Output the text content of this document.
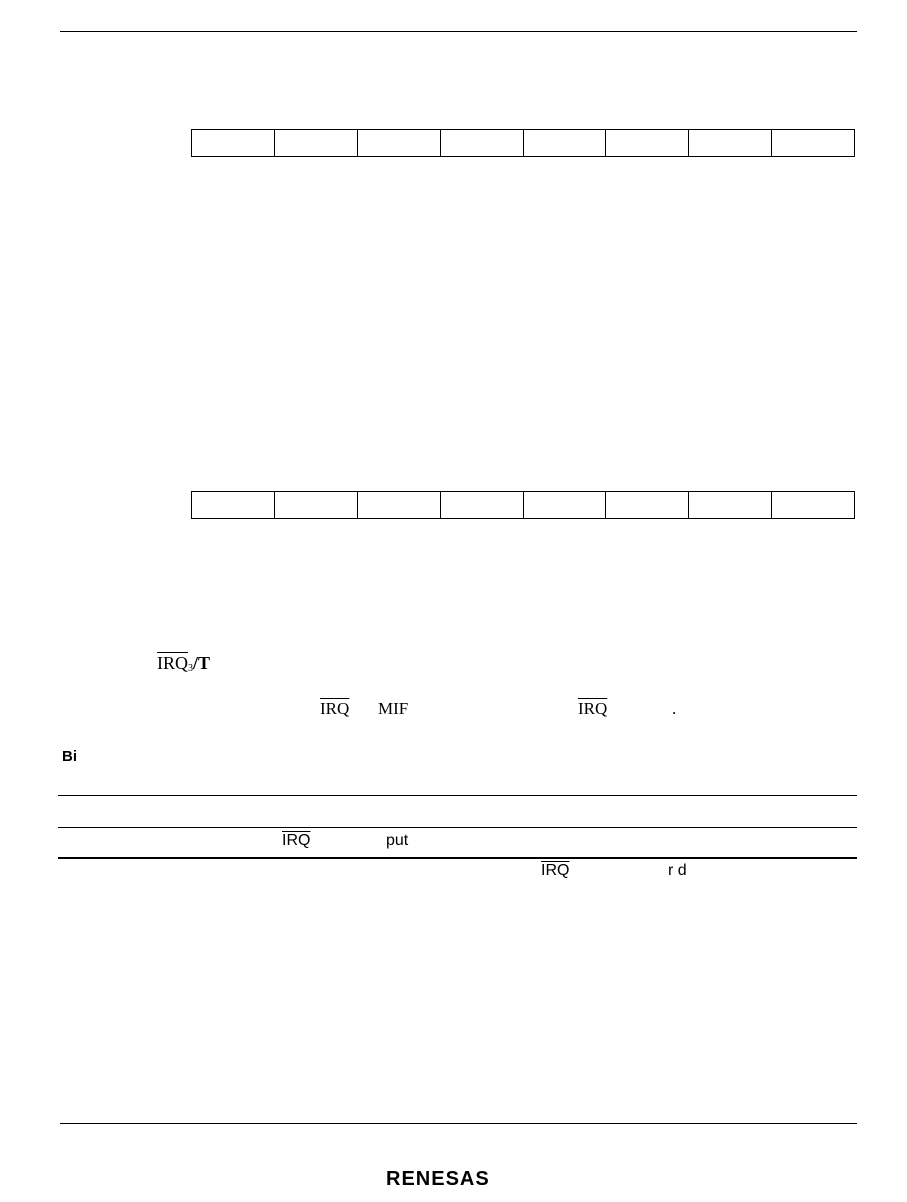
$\overline{IRQ}_3/T$
$\overline{IRQ}$ MIF	$\overline{IRQ}$	.
Bi
$\overline{IRQ}$	put
$\overline{IRQ}$	r d
RENESAS
